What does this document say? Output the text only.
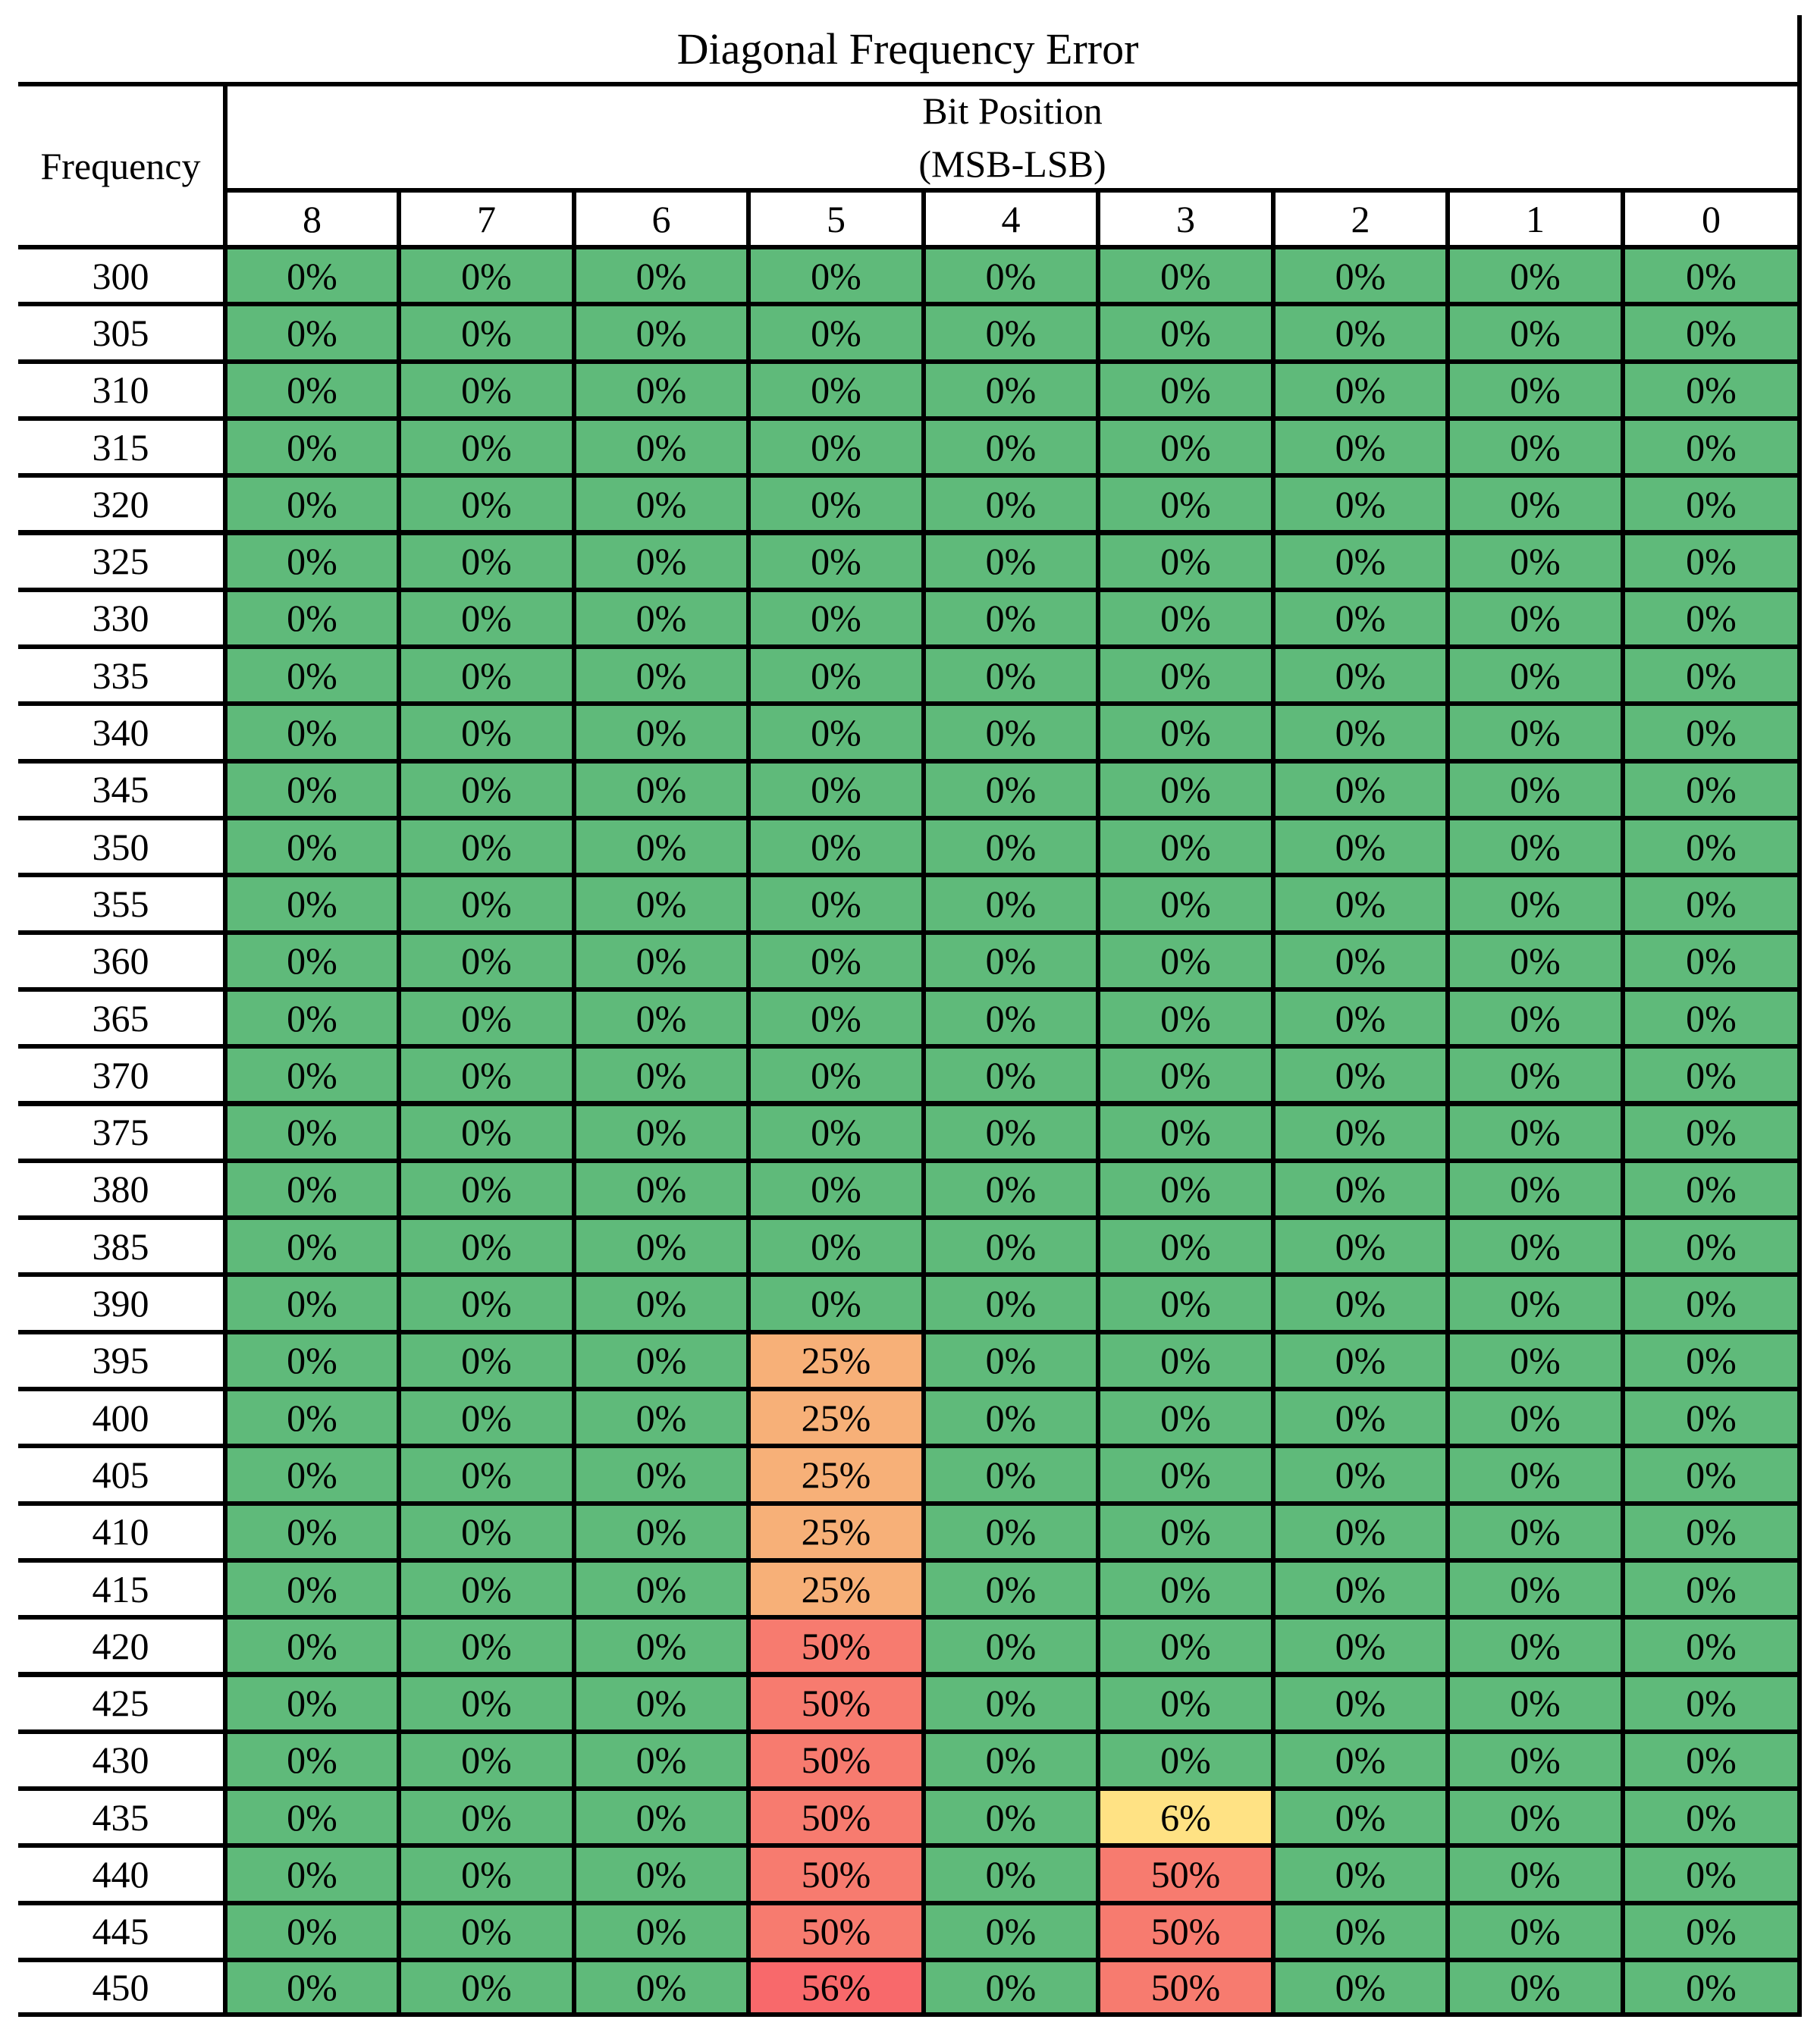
Diagonal Frequency Error
Frequency
Bit Position
(MSB-LSB)
8	7	6	5	4	3	2	1	0
300	0%	0%	0%	0%	0%	0%	0%	0%	0%
305	0%	0%	0%	0%	0%	0%	0%	0%	0%
310	0%	0%	0%	0%	0%	0%	0%	0%	0%
315	0%	0%	0%	0%	0%	0%	0%	0%	0%
320	0%	0%	0%	0%	0%	0%	0%	0%	0%
325	0%	0%	0%	0%	0%	0%	0%	0%	0%
330	0%	0%	0%	0%	0%	0%	0%	0%	0%
335	0%	0%	0%	0%	0%	0%	0%	0%	0%
340	0%	0%	0%	0%	0%	0%	0%	0%	0%
345	0%	0%	0%	0%	0%	0%	0%	0%	0%
350	0%	0%	0%	0%	0%	0%	0%	0%	0%
355	0%	0%	0%	0%	0%	0%	0%	0%	0%
360	0%	0%	0%	0%	0%	0%	0%	0%	0%
365	0%	0%	0%	0%	0%	0%	0%	0%	0%
370	0%	0%	0%	0%	0%	0%	0%	0%	0%
375	0%	0%	0%	0%	0%	0%	0%	0%	0%
380	0%	0%	0%	0%	0%	0%	0%	0%	0%
385	0%	0%	0%	0%	0%	0%	0%	0%	0%
390	0%	0%	0%	0%	0%	0%	0%	0%	0%
395	0%	0%	0%	25%	0%	0%	0%	0%	0%
400	0%	0%	0%	25%	0%	0%	0%	0%	0%
405	0%	0%	0%	25%	0%	0%	0%	0%	0%
410	0%	0%	0%	25%	0%	0%	0%	0%	0%
415	0%	0%	0%	25%	0%	0%	0%	0%	0%
420	0%	0%	0%	50%	0%	0%	0%	0%	0%
425	0%	0%	0%	50%	0%	0%	0%	0%	0%
430	0%	0%	0%	50%	0%	0%	0%	0%	0%
435	0%	0%	0%	50%	0%	6%	0%	0%	0%
440	0%	0%	0%	50%	0%	50%	0%	0%	0%
445	0%	0%	0%	50%	0%	50%	0%	0%	0%
450	0%	0%	0%	56%	0%	50%	0%	0%	0%
